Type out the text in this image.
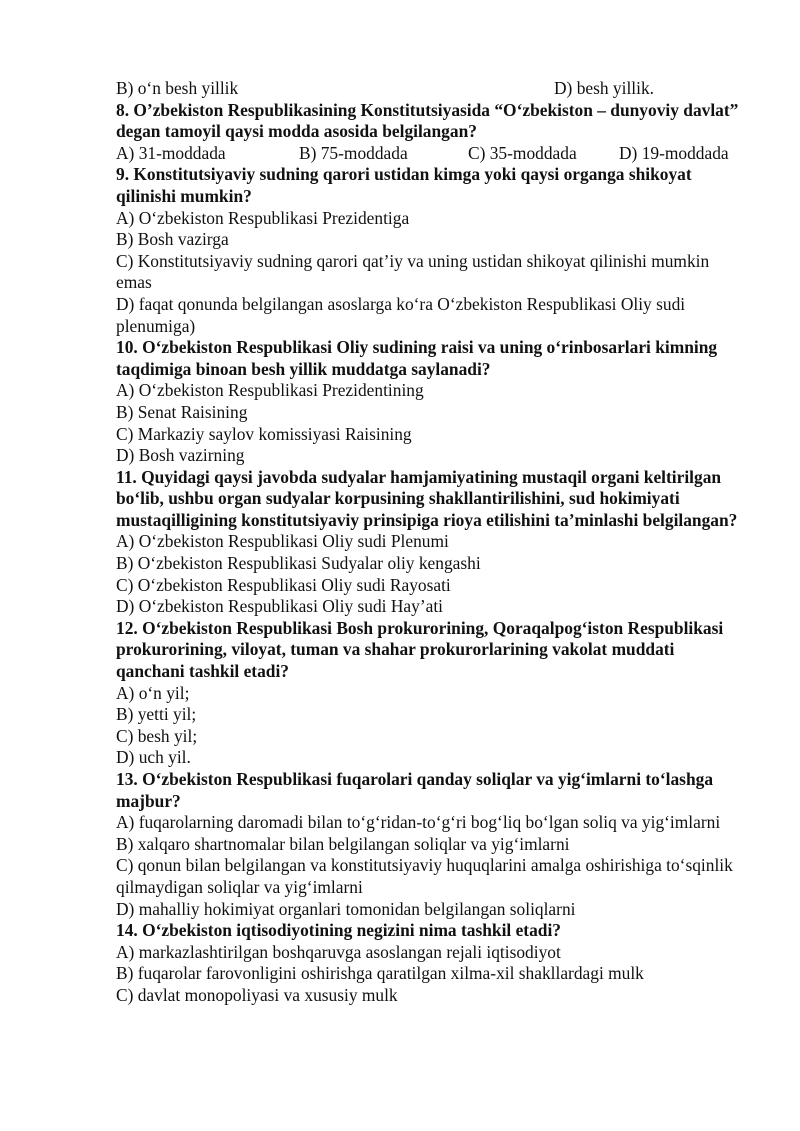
B) o‘n besh yillik	D) besh yillik.
8. O’zbekiston Respublikasining Konstitutsiyasida “O‘zbekiston – dunyoviy davlat” degan tamoyil qaysi modda asosida belgilangan?
A) 31-moddada	B) 75-moddada	C) 35-moddada	D) 19-moddada
9. Konstitutsiyaviy sudning qarori ustidan kimga yoki qaysi organga shikoyat qilinishi mumkin?
A) O‘zbekiston Respublikasi Prezidentiga
B) Bosh vazirga
C) Konstitutsiyaviy sudning qarori qat’iy va uning ustidan shikoyat qilinishi mumkin emas
D) faqat qonunda belgilangan asoslarga ko‘ra O‘zbekiston Respublikasi Oliy sudi plenumiga)
10. O‘zbekiston Respublikasi Oliy sudining raisi va uning o‘rinbosarlari kimning taqdimiga binoan besh yillik muddatga saylanadi?
A) O‘zbekiston Respublikasi Prezidentining
B) Senat Raisining
C) Markaziy saylov komissiyasi Raisining
D) Bosh vazirning
11. Quyidagi qaysi javobda sudyalar hamjamiyatining mustaqil organi keltirilgan bo‘lib, ushbu organ sudyalar korpusining shakllantirilishini, sud hokimiyati mustaqilligining konstitutsiyaviy prinsipiga rioya etilishini ta’minlashi belgilangan?
A) O‘zbekiston Respublikasi Oliy sudi Plenumi
B) O‘zbekiston Respublikasi Sudyalar oliy kengashi
C) O‘zbekiston Respublikasi Oliy sudi Rayosati
D) O‘zbekiston Respublikasi Oliy sudi Hay’ati
12. O‘zbekiston Respublikasi Bosh prokurorining, Qoraqalpog‘iston Respublikasi prokurorining, viloyat, tuman va shahar prokurorlarining vakolat muddati qanchani tashkil etadi?
A) o‘n yil;
B) yetti yil;
C) besh yil;
D) uch yil.
13. O‘zbekiston Respublikasi fuqarolari qanday soliqlar va yig‘imlarni to‘lashga majbur?
A) fuqarolarning daromadi bilan to‘g‘ridan-to‘g‘ri bog‘liq bo‘lgan soliq va yig‘imlarni
B) xalqaro shartnomalar bilan belgilangan soliqlar va yig‘imlarni
C) qonun bilan belgilangan va konstitutsiyaviy huquqlarini amalga oshirishiga to‘sqinlik qilmaydigan soliqlar va yig‘imlarni
D) mahalliy hokimiyat organlari tomonidan belgilangan soliqlarni
14. O‘zbekiston iqtisodiyotining negizini nima tashkil etadi?
A) markazlashtirilgan boshqaruvga asoslangan rejali iqtisodiyot
B) fuqarolar farovonligini oshirishga qaratilgan xilma-xil shakllardagi mulk
C) davlat monopoliyasi va xususiy mulk
